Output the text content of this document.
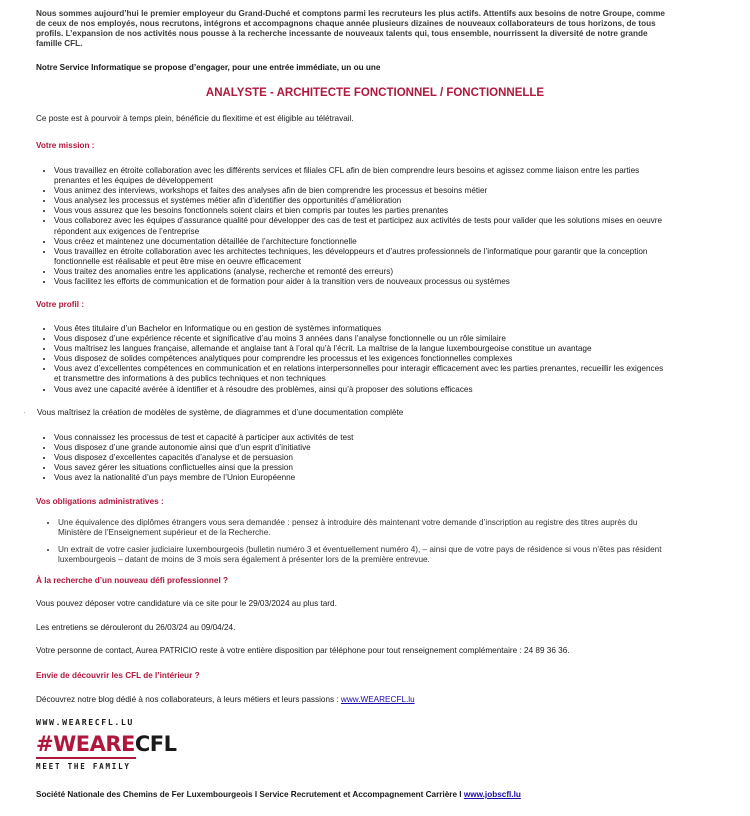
Nous sommes aujourd’hui le premier employeur du Grand-Duché et comptons parmi les recruteurs les plus actifs. Attentifs aux besoins de notre Groupe, comme de ceux de nos employés, nous recrutons, intégrons et accompagnons chaque année plusieurs dizaines de nouveaux collaborateurs de tous horizons, de tous profils. L’expansion de nos activités nous pousse à la recherche incessante de nouveaux talents qui, tous ensemble, nourrissent la diversité de notre grande famille CFL.
Notre Service Informatique se propose d’engager, pour une entrée immédiate, un ou une
ANALYSTE - ARCHITECTE FONCTIONNEL / FONCTIONNELLE
Ce poste est à pourvoir à temps plein, bénéficie du flexitime et est éligible au télétravail.
Votre mission :
• Vous travaillez en étroite collaboration avec les différents services et filiales CFL afin de bien comprendre leurs besoins et agissez comme liaison entre les parties prenantes et les équipes de développement
• Vous animez des interviews, workshops et faites des analyses afin de bien comprendre les processus et besoins métier
• Vous analysez les processus et systèmes métier afin d’identifier des opportunités d’amélioration
• Vous vous assurez que les besoins fonctionnels soient clairs et bien compris par toutes les parties prenantes
• Vous collaborez avec les équipes d’assurance qualité pour développer des cas de test et participez aux activités de tests pour valider que les solutions mises en oeuvre répondent aux exigences de l’entreprise
• Vous créez et maintenez une documentation détaillée de l’architecture fonctionnelle
• Vous travaillez en étroite collaboration avec les architectes techniques, les développeurs et d’autres professionnels de l’informatique pour garantir que la conception fonctionnelle est réalisable et peut être mise en oeuvre efficacement
• Vous traitez des anomalies entre les applications (analyse, recherche et remonté des erreurs)
• Vous facilitez les efforts de communication et de formation pour aider à la transition vers de nouveaux processus ou systèmes
Votre profil :
• Vous êtes titulaire d’un Bachelor en Informatique ou en gestion de systèmes informatiques
• Vous disposez d’une expérience récente et significative d’au moins 3 années dans l’analyse fonctionnelle ou un rôle similaire
• Vous maîtrisez les langues française, allemande et anglaise tant à l’oral qu’à l’écrit. La maîtrise de la langue luxembourgeoise constitue un avantage
• Vous disposez de solides compétences analytiques pour comprendre les processus et les exigences fonctionnelles complexes
• Vous avez d’excellentes compétences en communication et en relations interpersonnelles pour interagir efficacement avec les parties prenantes, recueillir les exigences et transmettre des informations à des publics techniques et non techniques
• Vous avez une capacité avérée à identifier et à résoudre des problèmes, ainsi qu’à proposer des solutions efficaces
· Vous maîtrisez la création de modèles de système, de diagrammes et d’une documentation complète
• Vous connaissez les processus de test et capacité à participer aux activités de test
• Vous disposez d’une grande autonomie ainsi que d’un esprit d’initiative
• Vous disposez d’excellentes capacités d’analyse et de persuasion
• Vous savez gérer les situations conflictuelles ainsi que la pression
• Vous avez la nationalité d’un pays membre de l’Union Européenne
Vos obligations administratives :
• Une équivalence des diplômes étrangers vous sera demandée : pensez à introduire dès maintenant votre demande d’inscription au registre des titres auprès du Ministère de l’Enseignement supérieur et de la Recherche.
• Un extrait de votre casier judiciaire luxembourgeois (bulletin numéro 3 et éventuellement numéro 4), – ainsi que de votre pays de résidence si vous n’êtes pas résident luxembourgeois – datant de moins de 3 mois sera également à présenter lors de la première entrevue.
À la recherche d’un nouveau défi professionnel ?
Vous pouvez déposer votre candidature via ce site pour le 29/03/2024 au plus tard.
Les entretiens se dérouleront du 26/03/24 au 09/04/24.
Votre personne de contact, Aurea PATRICIO reste à votre entière disposition par téléphone pour tout renseignement complémentaire : 24 89 36 36.
Envie de découvrir les CFL de l’intérieur ?
Découvrez notre blog dédié à nos collaborateurs, à leurs métiers et leurs passions : www.WEARECFL.lu
WWW.WEARECFL.LU
#WEARECFL
MEET THE FAMILY
Société Nationale des Chemins de Fer Luxembourgeois I Service Recrutement et Accompagnement Carrière I www.jobscfl.lu
